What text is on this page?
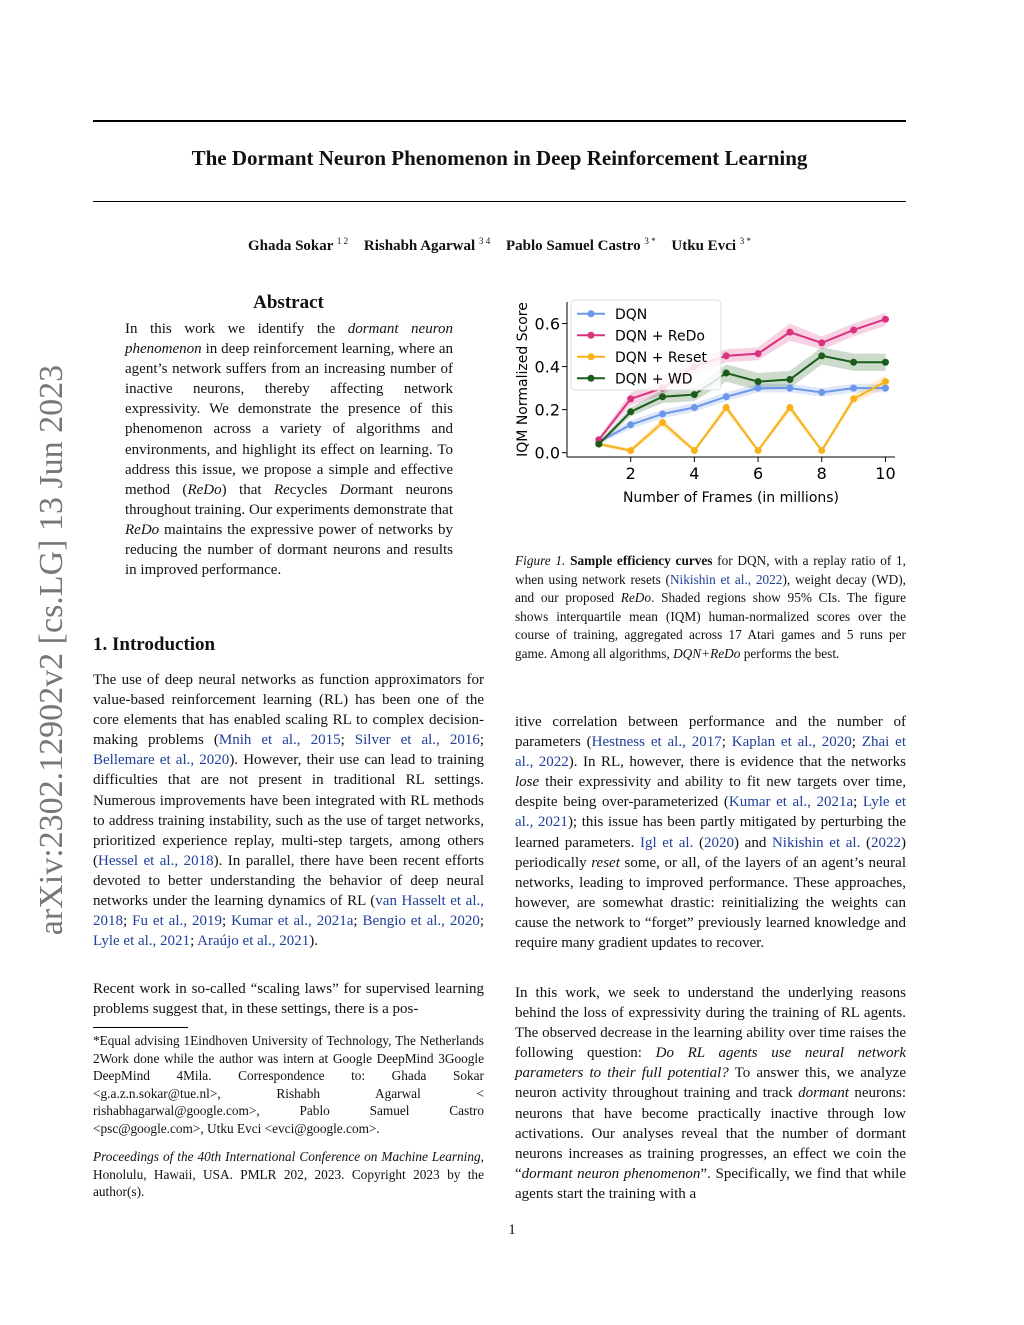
The Dormant Neuron Phenomenon in Deep Reinforcement Learning
Ghada Sokar $^{1 2}$ Rishabh Agarwal $^{3 4}$ Pablo Samuel Castro $^{3 *}$ Utku Evci $^{3 *}$
arXiv:2302.12902v2 [cs.LG] 13 Jun 2023
Abstract

In this work we identify the dormant neuron phenomenon in deep reinforcement learning, where an agent’s network suffers from an increasing number of inactive neurons, thereby affecting network expressivity. We demonstrate the presence of this phenomenon across a variety of algorithms and environments, and highlight its effect on learning. To address this issue, we propose a simple and effective method (ReDo) that Recycles Dormant neurons throughout training. Our experiments demonstrate that ReDo maintains the expressive power of networks by reducing the number of dormant neurons and results in improved performance.

1. Introduction

The use of deep neural networks as function approximators for value-based reinforcement learning (RL) has been one of the core elements that has enabled scaling RL to complex decision-making problems (Mnih et al., 2015; Silver et al., 2016; Bellemare et al., 2020). However, their use can lead to training difficulties that are not present in traditional RL settings. Numerous improvements have been integrated with RL methods to address training instability, such as the use of target networks, prioritized experience replay, multi-step targets, among others (Hessel et al., 2018). In parallel, there have been recent efforts devoted to better understanding the behavior of deep neural networks under the learning dynamics of RL (van Hasselt et al., 2018; Fu et al., 2019; Kumar et al., 2021a; Bengio et al., 2020; Lyle et al., 2021; Araújo et al., 2021).

Recent work in so-called “scaling laws” for supervised learning problems suggest that, in these settings, there is a pos-

*Equal advising 1Eindhoven University of Technology, The Netherlands 2Work done while the author was intern at Google DeepMind 3Google DeepMind 4Mila. Correspondence to: Ghada Sokar <g.a.z.n.sokar@tue.nl>, Rishabh Agarwal < rishabhagarwal@google.com>, Pablo Samuel Castro <psc@google.com>, Utku Evci <evci@google.com>.

Proceedings of the 40th International Conference on Machine Learning, Honolulu, Hawaii, USA. PMLR 202, 2023. Copyright 2023 by the author(s).

0.0
0.2
0.4
0.6
2	4	6	8	10
Number of Frames (in millions)
IQM Normalized Score	DQN
DQN + ReDo
DQN + Reset
DQN + WD

Figure 1. Sample efficiency curves for DQN, with a replay ratio of 1, when using network resets (Nikishin et al., 2022), weight decay (WD), and our proposed ReDo. Shaded regions show 95% CIs. The figure shows interquartile mean (IQM) human-normalized scores over the course of training, aggregated across 17 Atari games and 5 runs per game. Among all algorithms, DQN+ReDo performs the best.

itive correlation between performance and the number of parameters (Hestness et al., 2017; Kaplan et al., 2020; Zhai et al., 2022). In RL, however, there is evidence that the networks lose their expressivity and ability to fit new targets over time, despite being over-parameterized (Kumar et al., 2021a; Lyle et al., 2021); this issue has been partly mitigated by perturbing the learned parameters. Igl et al. (2020) and Nikishin et al. (2022) periodically reset some, or all, of the layers of an agent’s neural networks, leading to improved performance. These approaches, however, are somewhat drastic: reinitializing the weights can cause the network to “forget” previously learned knowledge and require many gradient updates to recover.

In this work, we seek to understand the underlying reasons behind the loss of expressivity during the training of RL agents. The observed decrease in the learning ability over time raises the following question: Do RL agents use neural network parameters to their full potential? To answer this, we analyze neuron activity throughout training and track dormant neurons: neurons that have become practically inactive through low activations. Our analyses reveal that the number of dormant neurons increases as training progresses, an effect we coin the “dormant neuron phenomenon”. Specifically, we find that while agents start the training with a

1
